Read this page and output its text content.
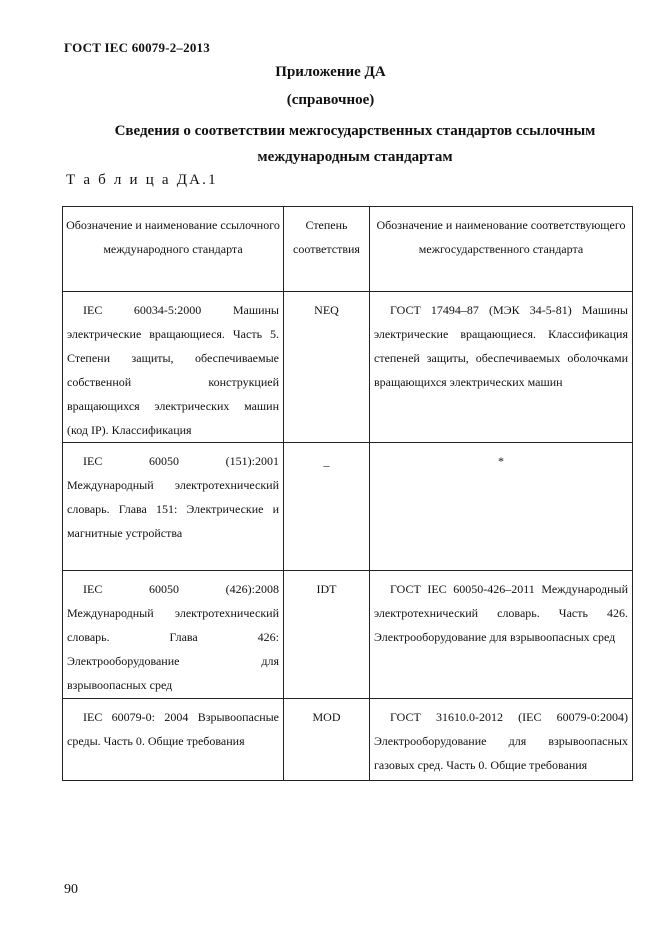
ГОСТ IEC 60079-2–2013
Приложение ДА
(справочное)
Сведения о соответствии межгосударственных стандартов ссылочным международным стандартам
Т а б л и ц а ДА.1
Обозначение и наименование ссылочного международного стандарта	Степень соответствия	Обозначение и наименование соответствующего межгосударственного стандарта

IEC 60034-5:2000 Машины электрические вращающиеся. Часть 5. Степени защиты, обеспечиваемые собственной конструкцией вращающихся электрических машин (код IP). Классификация	NEQ	ГОСТ 17494–87 (МЭК 34-5-81) Машины электрические вращающиеся. Классификация степеней защиты, обеспечиваемых оболочками вращающихся электрических машин

IEC 60050 (151):2001 Международный электротехнический словарь. Глава 151: Электрические и магнитные устройства	_	*

IEC 60050 (426):2008 Международный электротехнический словарь. Глава 426: Электрооборудование для взрывоопасных сред	IDT	ГОСТ IEC 60050-426–2011 Международный электротехнический словарь. Часть 426. Электрооборудование для взрывоопасных сред

IEC 60079-0: 2004 Взрывоопасные среды. Часть 0. Общие требования	MOD	ГОСТ 31610.0-2012 (IEC 60079-0:2004) Электрооборудование для взрывоопасных газовых сред. Часть 0. Общие требования
90
